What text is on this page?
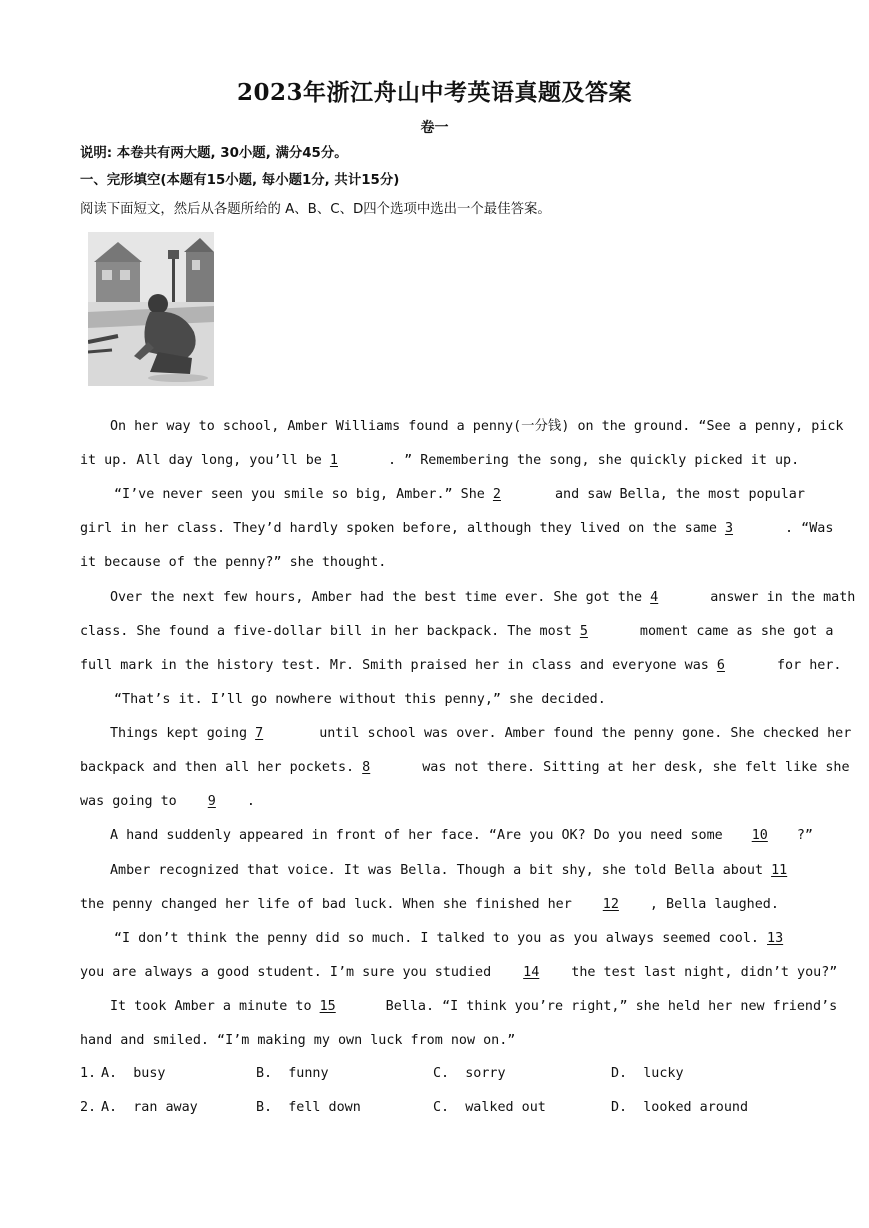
2023年浙江舟山中考英语真题及答案
卷一
说明: 本卷共有两大题, 30小题, 满分45分。
一、完形填空(本题有15小题, 每小题1分, 共计15分)
阅读下面短文，然后从各题所给的 A、B、C、D四个选项中选出一个最佳答案。
On her way to school, Amber Williams found a penny(一分钱) on the ground. “See a penny, pick
it up. All day long, you’ll be 1	. ” Remembering the song, she quickly picked it up.
“I’ve never seen you smile so big, Amber.” She 2	and saw Bella, the most popular
girl in her class. They’d hardly spoken before, although they lived on the same 3	. “Was
it because of the penny?” she thought.
Over the next few hours, Amber had the best time ever. She got the 4	answer in the math
class. She found a five-dollar bill in her backpack. The most 5	moment came as she got a
full mark in the history test. Mr. Smith praised her in class and everyone was 6	for her.
“That’s it. I’ll go nowhere without this penny,” she decided.
Things kept going 7	until school was over. Amber found the penny gone. She checked her
backpack and then all her pockets. 8	was not there. Sitting at her desk, she felt like she
was going to 9 .
A hand suddenly appeared in front of her face. “Are you OK? Do you need some 10 ?”
Amber recognized that voice. It was Bella. Though a bit shy, she told Bella about 11
the penny changed her life of bad luck. When she finished her 12 , Bella laughed.
“I don’t think the penny did so much. I talked to you as you always seemed cool. 13
you are always a good student. I’m sure you studied 14 the test last night, didn’t you?”
It took Amber a minute to 15	Bella. “I think you’re right,” she held her new friend’s
hand and smiled. “I’m making my own luck from now on.”
1. A.  busy	B.  funny	C.  sorry	D.  lucky
2. A.  ran away	B.  fell down	C.  walked out	D.  looked around
